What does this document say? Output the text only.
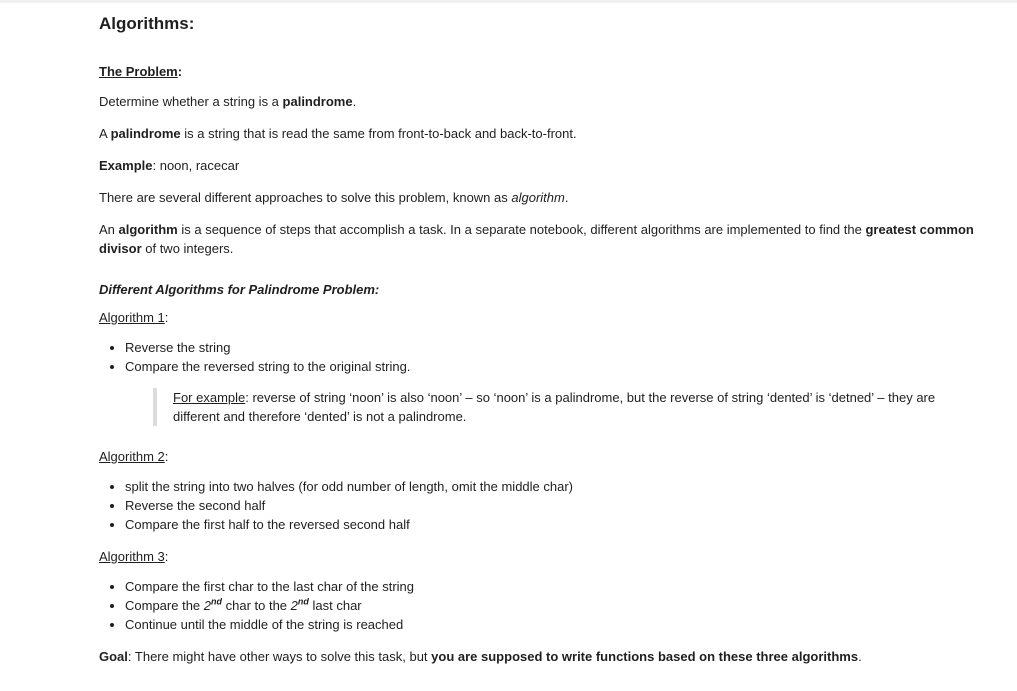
Algorithms:

The Problem:

Determine whether a string is a palindrome.

A palindrome is a string that is read the same from front-to-back and back-to-front.

Example: noon, racecar

There are several different approaches to solve this problem, known as algorithm.

An algorithm is a sequence of steps that accomplish a task. In a separate notebook, different algorithms are implemented to find the greatest common divisor of two integers.

Different Algorithms for Palindrome Problem:

Algorithm 1:

• Reverse the string
• Compare the reversed string to the original string.
For example: reverse of string ‘noon’ is also ‘noon’ – so ‘noon’ is a palindrome, but the reverse of string ‘dented’ is ‘detned’ – they are different and therefore ‘dented’ is not a palindrome.

Algorithm 2:

• split the string into two halves (for odd number of length, omit the middle char)
• Reverse the second half
• Compare the first half to the reversed second half

Algorithm 3:

• Compare the first char to the last char of the string
• Compare the 2nd char to the 2nd last char
• Continue until the middle of the string is reached

Goal: There might have other ways to solve this task, but you are supposed to write functions based on these three algorithms.
